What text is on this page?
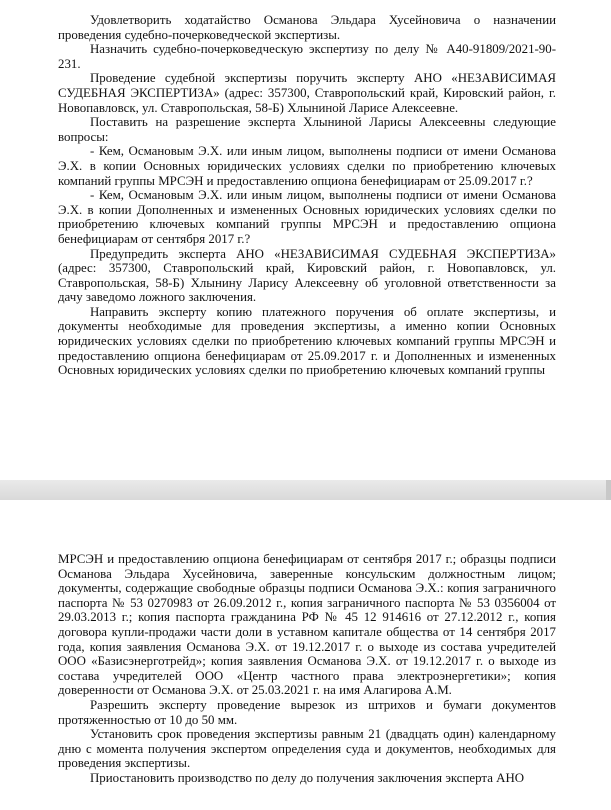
Удовлетворить ходатайство Османова Эльдара Хусейновича о назначении проведения судебно-почерковедческой экспертизы.

Назначить судебно-почерковедческую экспертизу по делу № А40-91809/2021-90-231.

Проведение судебной экспертизы поручить эксперту АНО «НЕЗАВИСИМАЯ СУДЕБНАЯ ЭКСПЕРТИЗА» (адрес: 357300, Ставропольский край, Кировский район, г. Новопавловск, ул. Ставропольская, 58-Б) Хлыниной Ларисе Алексеевне.

Поставить на разрешение эксперта Хлыниной Ларисы Алексеевны следующие вопросы:

- Кем, Османовым Э.Х. или иным лицом, выполнены подписи от имени Османова Э.Х. в копии Основных юридических условиях сделки по приобретению ключевых компаний группы МРСЭН и предоставлению опциона бенефициарам от 25.09.2017 г.?

- Кем, Османовым Э.Х. или иным лицом, выполнены подписи от имени Османова Э.Х. в копии Дополненных и измененных Основных юридических условиях сделки по приобретению ключевых компаний группы МРСЭН и предоставлению опциона бенефициарам от сентября 2017 г.?

Предупредить эксперта АНО «НЕЗАВИСИМАЯ СУДЕБНАЯ ЭКСПЕРТИЗА» (адрес: 357300, Ставропольский край, Кировский район, г. Новопавловск, ул. Ставропольская, 58-Б) Хлынину Ларису Алексеевну об уголовной ответственности за дачу заведомо ложного заключения.

Направить эксперту копию платежного поручения об оплате экспертизы, и документы необходимые для проведения экспертизы, а именно копии Основных юридических условиях сделки по приобретению ключевых компаний группы МРСЭН и предоставлению опциона бенефициарам от 25.09.2017 г. и Дополненных и измененных Основных юридических условиях сделки по приобретению ключевых компаний группы

МРСЭН и предоставлению опциона бенефициарам от сентября 2017 г.; образцы подписи Османова Эльдара Хусейновича, заверенные консульским должностным лицом; документы, содержащие свободные образцы подписи Османова Э.Х.: копия заграничного паспорта № 53 0270983 от 26.09.2012 г., копия заграничного паспорта № 53 0356004 от 29.03.2013 г.; копия паспорта гражданина РФ № 45 12 914616 от 27.12.2012 г., копия договора купли-продажи части доли в уставном капитале общества от 14 сентября 2017 года, копия заявления Османова Э.Х. от 19.12.2017 г. о выходе из состава учредителей ООО «Базисэнерготрейд»; копия заявления Османова Э.Х. от 19.12.2017 г. о выходе из состава учредителей ООО «Центр частного права электроэнергетики»; копия доверенности от Османова Э.Х. от 25.03.2021 г. на имя Алагирова А.М.

Разрешить эксперту проведение вырезок из штрихов и бумаги документов протяженностью от 10 до 50 мм.

Установить срок проведения экспертизы равным 21 (двадцать один) календарному дню с момента получения экспертом определения суда и документов, необходимых для проведения экспертизы.

Приостановить производство по делу до получения заключения эксперта АНО
